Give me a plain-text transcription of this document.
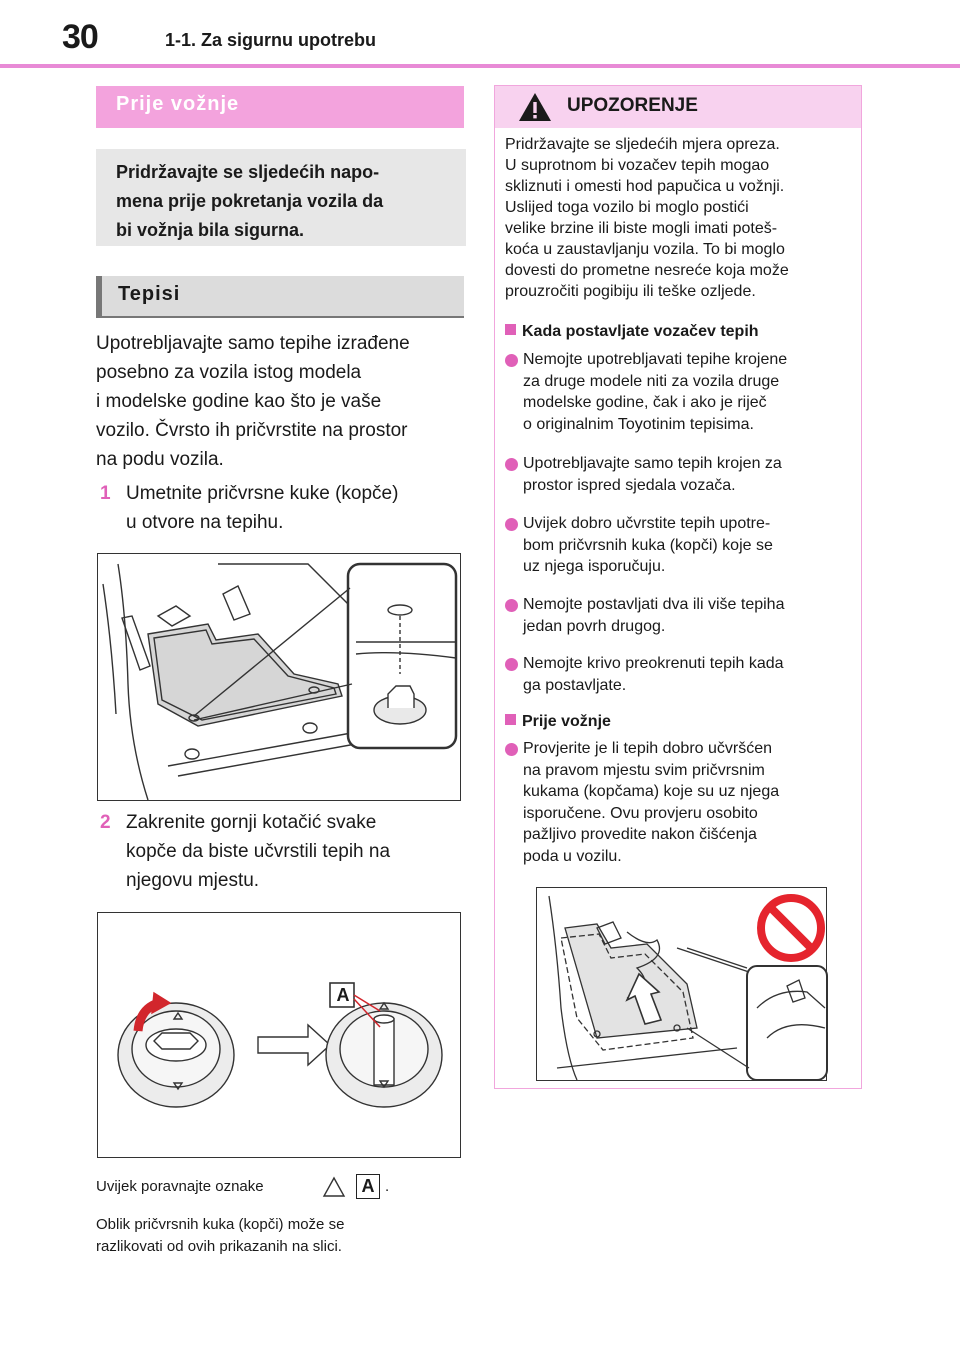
30	1-1. Za sigurnu upotrebu
Prije vožnje

Pridržavajte se sljedećih napo-

mena prije pokretanja vozila da

bi vožnja bila sigurna.

Tepisi
Upotrebljavajte samo tepihe izrađene
posebno za vozila istog modela
i modelske godine kao što je vaše
vozilo. Čvrsto ih pričvrstite na prostor
na podu vozila.
1 Umetnite pričvrsne kuke (kopče)
u otvore na tepihu.
2 Zakrenite gornji kotačić svake
kopče da biste učvrstili tepih na
njegovu mjestu.
A
Uvijek poravnajte oznake	A .
Oblik pričvrsnih kuka (kopči) može se
razlikovati od ovih prikazanih na slici.
UPOZORENJE
Pridržavajte se sljedećih mjera opreza.
U suprotnom bi vozačev tepih mogao
skliznuti i omesti hod papučica u vožnji.
Uslijed toga vozilo bi moglo postići
velike brzine ili biste mogli imati poteš-
koća u zaustavljanju vozila. To bi moglo
dovesti do prometne nesreće koja može
prouzročiti pogibiju ili teške ozljede.
Kada postavljate vozačev tepih
Nemojte upotrebljavati tepihe krojene
za druge modele niti za vozila druge
modelske godine, čak i ako je riječ
o originalnim Toyotinim tepisima.
Upotrebljavajte samo tepih krojen za
prostor ispred sjedala vozača.
Uvijek dobro učvrstite tepih upotre-
bom pričvrsnih kuka (kopči) koje se
uz njega isporučuju.
Nemojte postavljati dva ili više tepiha
jedan povrh drugog.
Nemojte krivo preokrenuti tepih kada
ga postavljate.
Prije vožnje
Provjerite je li tepih dobro učvršćen
na pravom mjestu svim pričvrsnim
kukama (kopčama) koje su uz njega
isporučene. Ovu provjeru osobito
pažljivo provedite nakon čišćenja
poda u vozilu.
